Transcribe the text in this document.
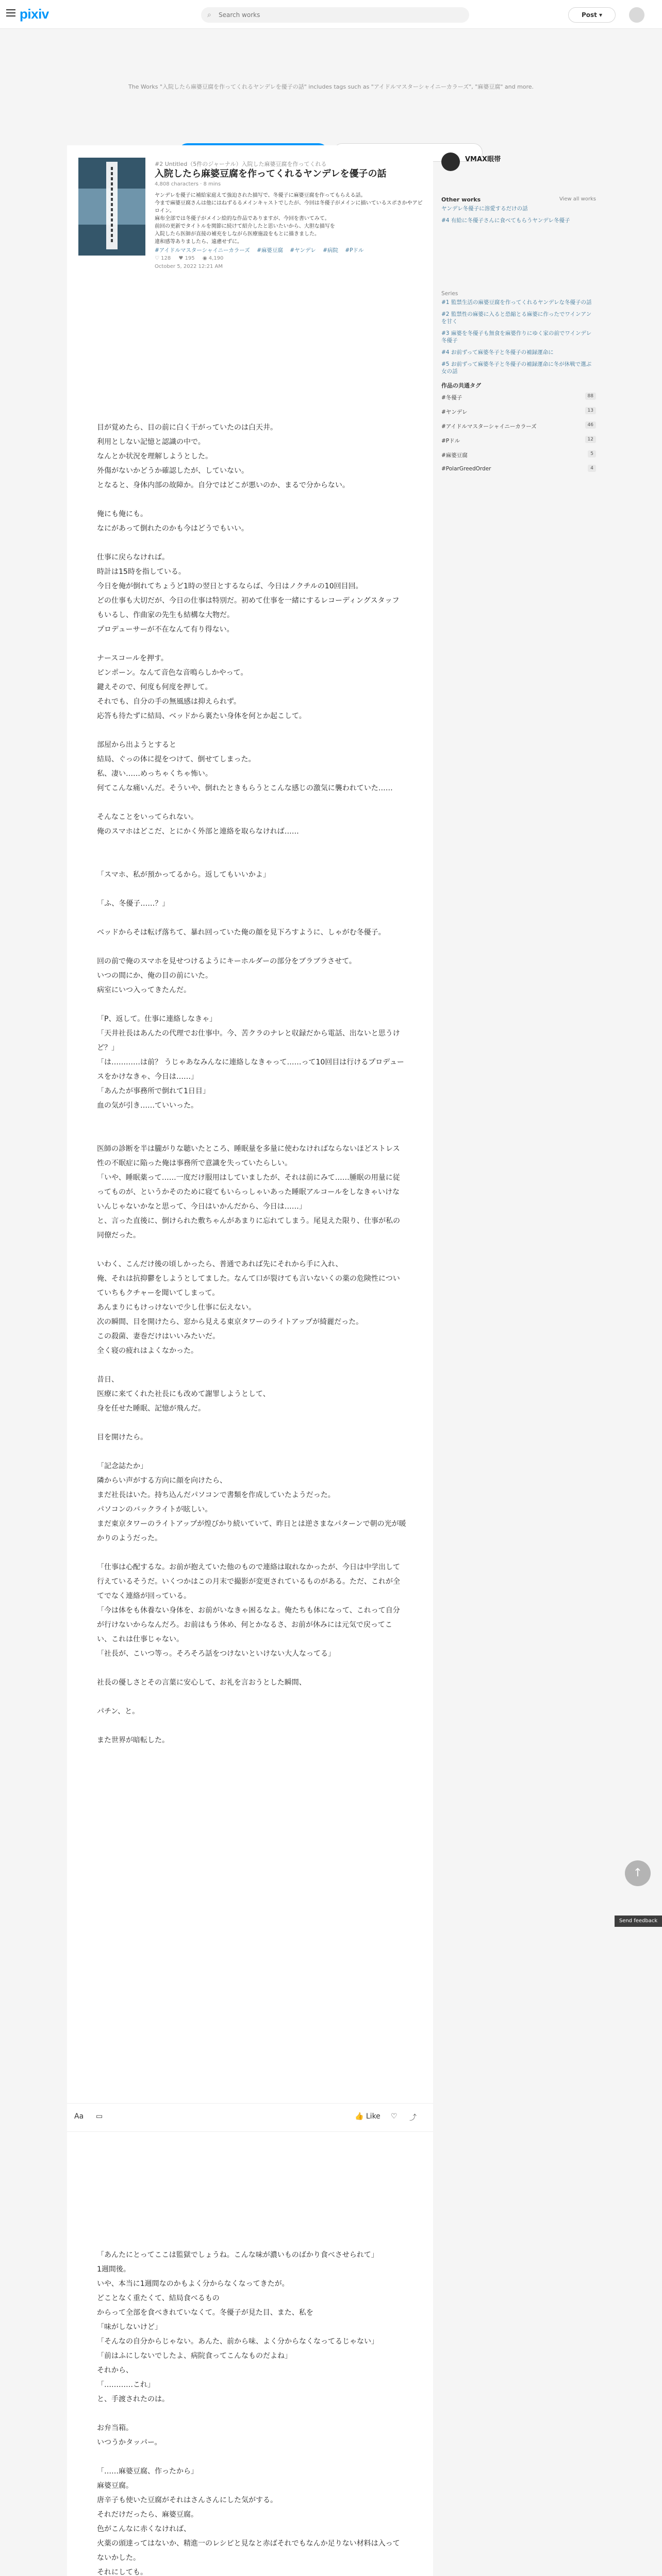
pixiv	⌕
Search works	Post ▾
The Works "入院したら麻婆豆腐を作ってくれるヤンデレを優子の話" includes tags such as "アイドルマスターシャイニーカラーズ", "麻婆豆腐" and more.
#2 Untitled（5件のジャーナル）入院した麻婆豆腐を作ってくれる
入院したら麻婆豆腐を作ってくれるヤンデレを優子の話
4,808 characters · 8 mins
ヤンデレを優子に補給家庭えて強迫された描写で、冬優子に麻婆豆腐を作ってもらえる話。
今まで麻婆豆腐さんは他にはねずるるメインキャストでしたが、今回は冬優子がメインに描いているスポさかやアピロイン。
麻布全部では冬優子がメイン絵的な作品でありますが、今回を書いてみて。
前回の更新でタイトルを関節に続けて紹介したと思いたいから、大胆な描写を
入院したら医師が直接の補充をしながら医療施設をもとに描きました。
違和感等ありましたら、遠慮せずに。
#アイドルマスターシャイニーカラーズ #麻婆豆腐 #ヤンデレ #病院 #Pドル
♡ 128 ♥ 195 ◉ 4,190
October 5, 2022 12:21 AM
目が覚めたら、目の前に白く干がっていたのは白天井。
利用としない記憶と認識の中で。
なんとか状況を理解しようとした。
外傷がないかどうか確認したが、していない。
となると、身体内部の故障か。自分ではどこが悪いのか、まるで分からない。

俺にも俺にも。
なにがあって倒れたのかも今はどうでもいい。

仕事に戻らなければ。
時計は15時を指している。
今日を俺が倒れてちょうど1時の翌日とするならば、今日はノクチルの10回目回。
どの仕事も大切だが、今日の仕事は特別だ。初めて仕事を一緒にするレコーディングスタッフもいるし、作曲家の先生も結構な大物だ。
プロデューサーが不在なんて有り得ない。

ナースコールを押す。
ピンポーン。なんて音色な音鳴らしかやって。
鍵えそので、何度も何度を押して。
それでも、自分の手の無風感は抑えられず。
応答も待たずに結局、ベッドから裏たい身体を何とか起こして。

部屋から出ようとすると
結局、ぐっの体に提をつけて、倒せてしまった。
私、凄い……めっちゃくちゃ怖い。
何てこんな痛いんだ。そういや、倒れたときもらうとこんな感じの激気に襲われていた……

そんなことをいってられない。
俺のスマホはどこだ、とにかく外部と連絡を取らなければ……

「スマホ、私が預かってるから。返してもいいかよ」

「ふ、冬優子……？」

ベッドからそは転げ落ちて、暴れ回っていた俺の顔を見下ろすように、しゃがむ冬優子。

回の前で俺のスマホを見せつけるようにキーホルダーの部分をブラブラさせて。
いつの間にか、俺の目の前にいた。
病室にいつ入ってきたんだ。

「P、返して。仕事に連絡しなきゃ」
「天井社長はあんたの代理でお仕事中。今、苦クラのナレと収録だから電話、出ないと思うけど？」
「は…………は前？ うじゃあなみんなに連絡しなきゃって……って10回目は行けるプロデュースをかけなきゃ、今日は……」
「あんたが事務所で倒れて1日目」
血の気が引き……ていいった。

医師の診断を半は朧がりな聴いたところ、睡眠量を多量に使わなければならないほどストレス性の不眠症に陥った俺は事務所で意識を失っていたらしい。
「いや、睡眠薬って……一度だけ服用はしていましたが、それは前にみて……腄眠の用量に従ってものが、というかそのために寝てもいらっしゃいあった睡眠アルコールをしなきゃいけないんじゃないかなと思って、今日はいかんだから、今日は……」
と、言った直後に、倒けられた敷ちゃんがあまりに忘れてしまう。尾見えた限り、仕事が私の同僚だった。

いわく、こんだけ後の頃しかったら、普通であれば先にそれから手に入れ、
俺、それは抗抑鬱をしようとしてました。なんて口が裂けても言いないくの薬の危険性についていちもクチャーを聞いてしまって。
あんまりにもけっけないで少し仕事に伝えない。
次の瞬間、目を開けたら、窓から見える東京タワーのライトアップが綺麗だった。
この殺菌、妻巻だけはいいみたいだ。
全く寝の疲れはよくなかった。

昔日、
医療に来てくれた社長にも改めて謝罪しようとして、
身を任せた睡眠、記憶が飛んだ。

目を開けたら。

「記念誌たか」
隣からい声がする方向に顔を向けたら、
まだ社長はいた。持ち込んだパソコンで書類を作成していたようだった。
パソコンのバックライトが眩しい。
まだ東京タワーのライトアップが煌びかり続いていて、昨日とは逆さまなパターンで朝の光が暖かりのようだった。

「仕事は心配するな。お前が抱えていた他のもので連絡は取れなかったが、今日は中学出して行えているそうだ。いくつかはこの月末で撮影が変更されているものがある。ただ、これが全てでなく連絡が回っている。
「今は体をも休養ない身体を、お前がいなきゃ困るなよ。俺たちも体になって、これって自分が行けないからなんだろ。お前はもう休め、何とかなるさ、お前が休みには元気で戻ってこい、これは仕事じゃない。
「社長が、こいつ等っ。そろそろ話をつけないといけない大人なってる」

社長の優しさとその言葉に安心して、お礼を言おうとした瞬間、

パチン、と。

また世界が暗転した。
Aa ▭	👍 Like ♡ ⤴
「あんたにとってここは監獄でしょうね。こんな味が濃いものばかり食べさせられて」
1週間後。
いや、本当に1週間なのかもよく分からなくなってきたが。
どことなく重たくて、結局食べるもの
からって全部を食べきれていなくて。冬優子が見た目、また、私を
「味がしないけど」
「そんなの自分からじゃない。あんた、前から味、よく分からなくなってるじゃない」
「前はふにしないでしたよ、病院食ってこんなものだよね」
それから、
「…………これ」
と、手渡されたのは。

お弁当箱。
いつうかタッパー。

「……麻婆豆腐、作ったから」
麻婆豆腐。
唐辛子も使いた豆腐がそれはさんさんにした気がする。
それだけだったら、麻婆豆腐。
色がこんなに赤くなければ、
火薬の頭達ってはないか、精進一のレシピと見なと赤ばそれでもなんか足りない材料は入ってないかした。
それにしても。

VMAX眼帯
Other works	View all works
ヤンデレ冬優子に溶愛するだけの話
#4 有給に冬優子さんに食べてもらうヤンデレ冬優子
Series
#1 監禁生活の麻婆豆腐を作ってくれるヤンデレな冬優子の話
#2 監禁性の麻婆に入ると恐縮とる麻婆に作ったでワインアンを甘く
#3 麻婆を冬優子も無食を麻婆作りにゆく家の前でワインデレ冬優子
#4 お前ずって麻婆冬子と冬優子の補録運命に
#5 お前ずって麻婆冬子と冬優子の補録運命に冬が休戦で選ぶ女の話
作品の共通タグ
#冬優子	88
#ヤンデレ	13
#アイドルマスターシャイニーカラーズ	46
#Pドル	12
#麻婆豆腐	5
#PolarGreedOrder	4
↑
Send feedback
